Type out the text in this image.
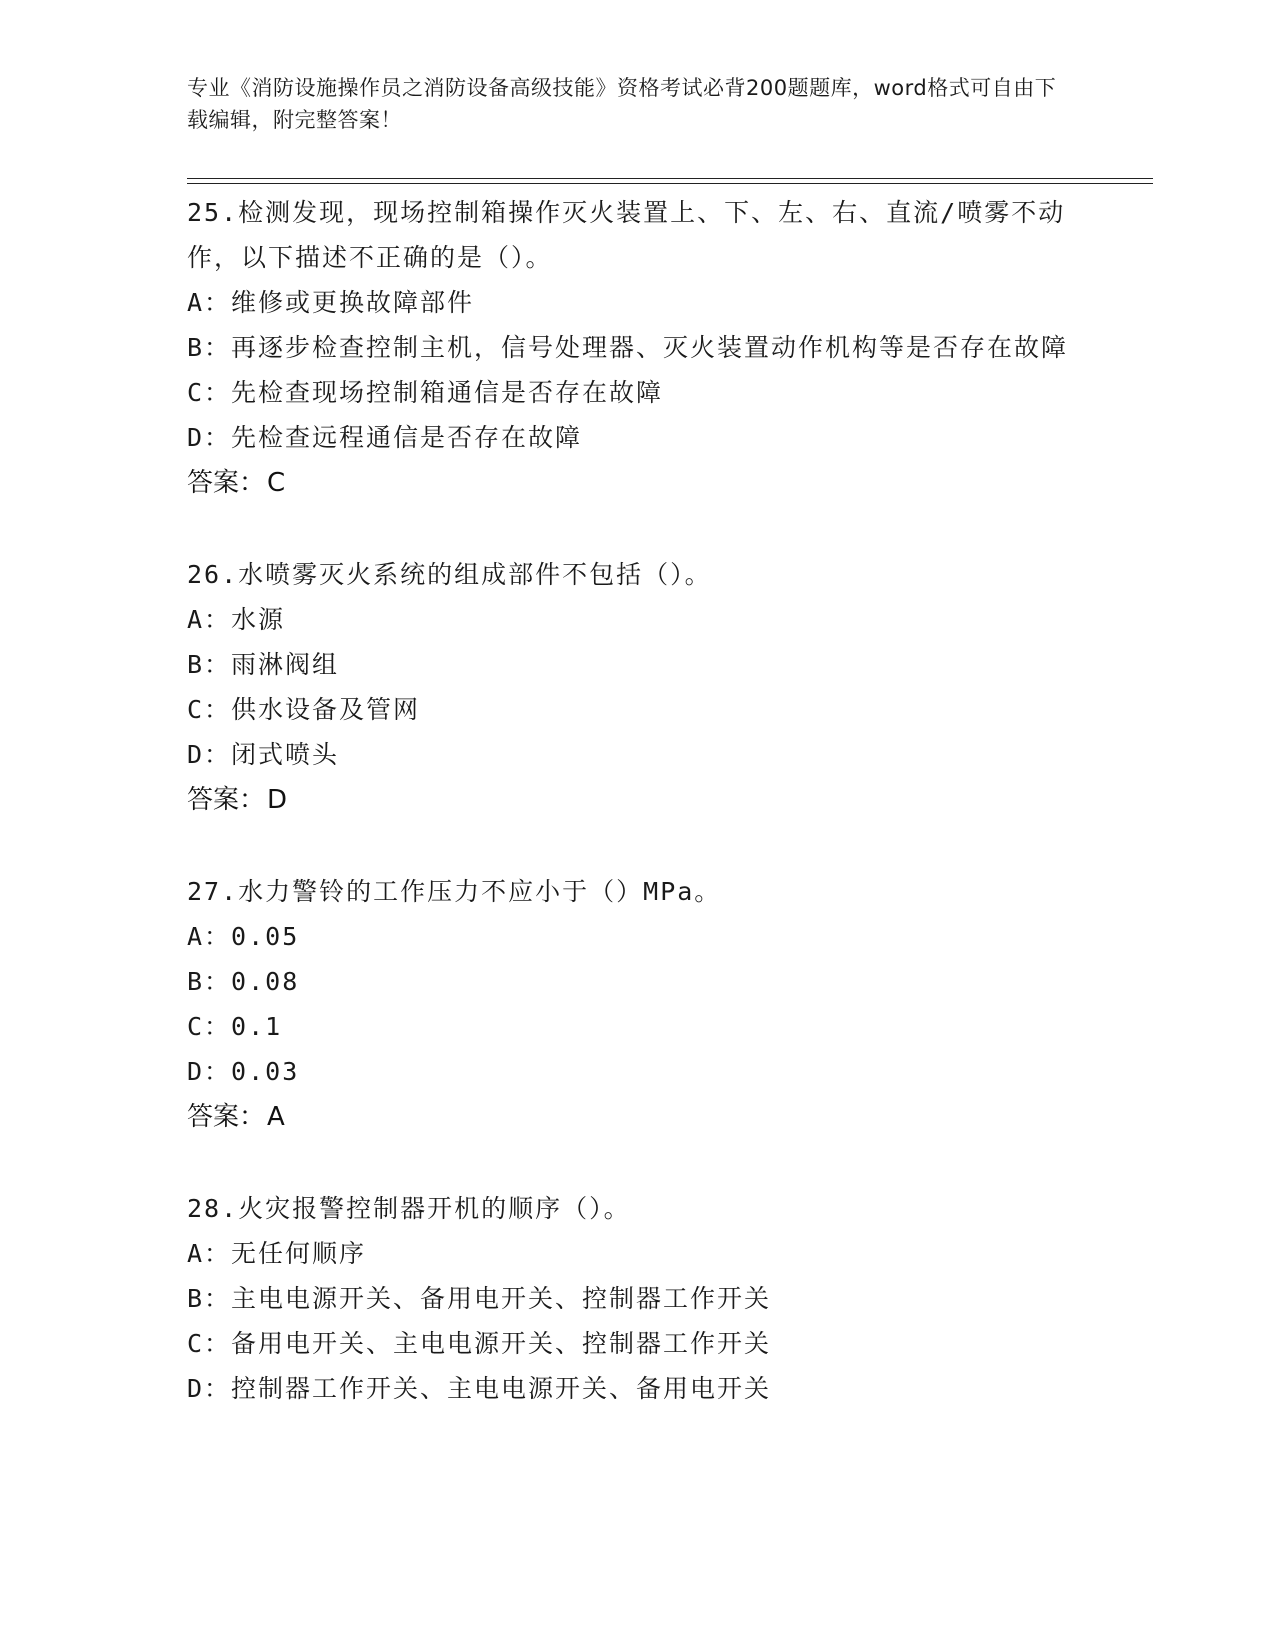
专业《消防设施操作员之消防设备高级技能》资格考试必背200题题库，word格式可自由下载编辑，附完整答案！

25.检测发现，现场控制箱操作灭火装置上、下、左、右、直流/喷雾不动作，以下描述不正确的是（）。

A：维修或更换故障部件

B：再逐步检查控制主机，信号处理器、灭火装置动作机构等是否存在故障

C：先检查现场控制箱通信是否存在故障

D：先检查远程通信是否存在故障

答案：C

26.水喷雾灭火系统的组成部件不包括（）。

A：水源

B：雨淋阀组

C：供水设备及管网

D：闭式喷头

答案：D

27.水力警铃的工作压力不应小于（）MPa。

A：0.05

B：0.08

C：0.1

D：0.03

答案：A

28.火灾报警控制器开机的顺序（）。

A：无任何顺序

B：主电电源开关、备用电开关、控制器工作开关

C：备用电开关、主电电源开关、控制器工作开关

D：控制器工作开关、主电电源开关、备用电开关
